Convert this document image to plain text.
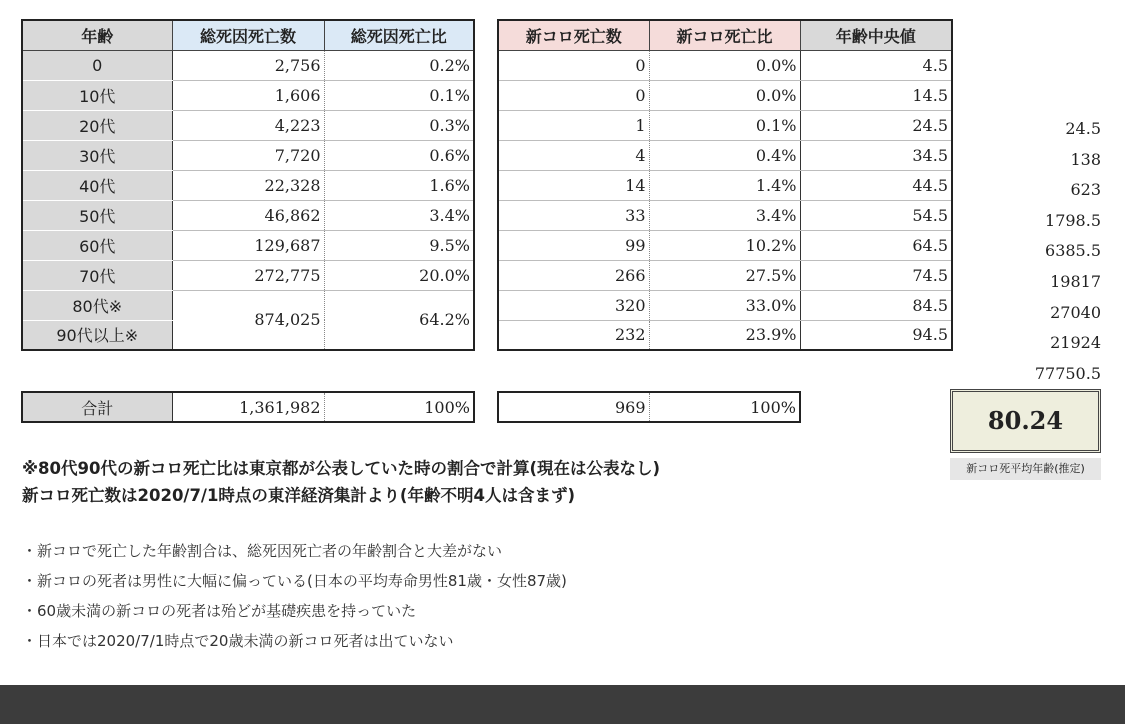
年齢	総死因死亡数	総死因死亡比
0	2,756	0.2%
10代	1,606	0.1%
20代	4,223	0.3%
30代	7,720	0.6%
40代	22,328	1.6%
50代	46,862	3.4%
60代	129,687	9.5%
70代	272,775	20.0%
80代※	874,025	64.2%
90代以上※		
新コロ死亡数	新コロ死亡比	年齢中央値
0	0.0%	4.5
0	0.0%	14.5
1	0.1%	24.5
4	0.4%	34.5
14	1.4%	44.5
33	3.4%	54.5
99	10.2%	64.5
266	27.5%	74.5
320	33.0%	84.5
232	23.9%	94.5
24.5
138
623
1798.5
6385.5
19817
27040
21924
77750.5
合計	1,361,982	100%	969	100%	80.24
新コロ死平均年齢(推定)
※80代90代の新コロ死亡比は東京都が公表していた時の割合で計算(現在は公表なし)
新コロ死亡数は2020/7/1時点の東洋経済集計より(年齢不明4人は含まず)
・新コロで死亡した年齢割合は、総死因死亡者の年齢割合と大差がない
・新コロの死者は男性に大幅に偏っている(日本の平均寿命男性81歳・女性87歳)
・60歳未満の新コロの死者は殆どが基礎疾患を持っていた
・日本では2020/7/1時点で20歳未満の新コロ死者は出ていない
